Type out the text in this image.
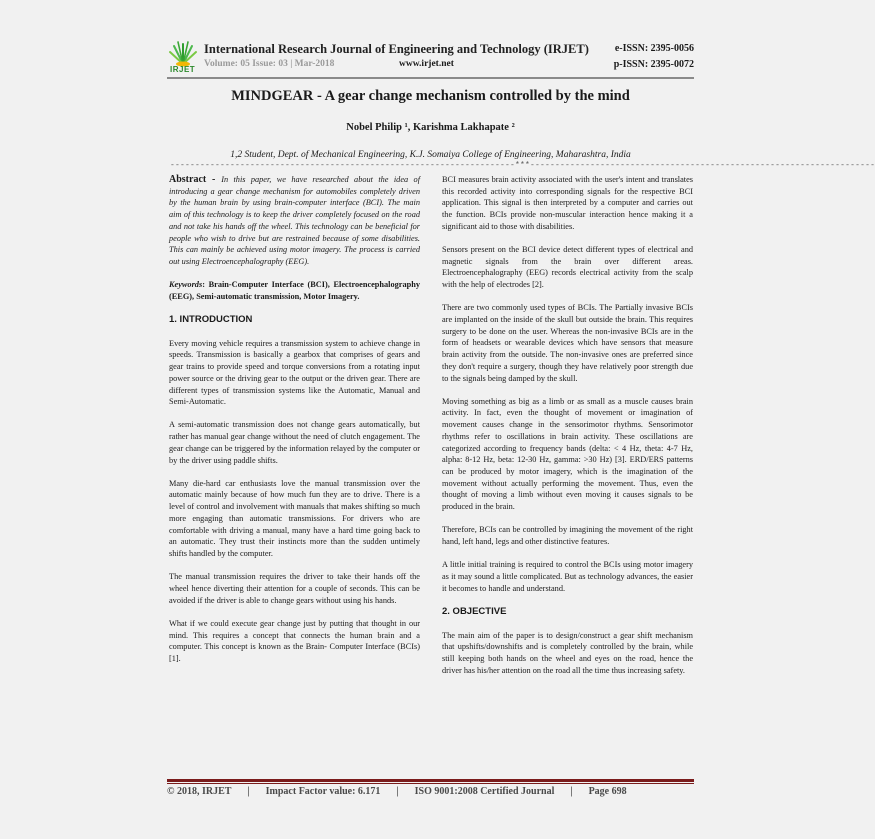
IRJET
International Research Journal of Engineering and Technology (IRJET)	e-ISSN: 2395-0056
Volume: 05 Issue: 03 | Mar-2018	www.irjet.net	p-ISSN: 2395-0072
MINDGEAR - A gear change mechanism controlled by the mind
Nobel Philip ¹, Karishma Lakhapate ²
1,2 Student, Dept. of Mechanical Engineering, K.J. Somaiya College of Engineering, Maharashtra, India
---------------------------------------------------------------------***---------------------------------------------------------------------

Abstract - In this paper, we have researched about the idea of introducing a gear change mechanism for automobiles completely driven by the human brain by using brain-computer interface (BCI). The main aim of this technology is to keep the driver completely focused on the road and not take his hands off the wheel. This technology can be beneficial for people who wish to drive but are restrained because of some disabilities. This can mainly be achieved using motor imagery. The process is carried out using Electroencephalography (EEG).

Keywords: Brain-Computer Interface (BCI), Electroencephalography (EEG), Semi-automatic transmission, Motor Imagery.

1. INTRODUCTION

Every moving vehicle requires a transmission system to achieve change in speeds. Transmission is basically a gearbox that comprises of gears and gear trains to provide speed and torque conversions from a rotating input power source or the driving gear to the output or the driven gear. There are different types of transmission systems like the Automatic, Manual and Semi-Automatic.

A semi-automatic transmission does not change gears automatically, but rather has manual gear change without the need of clutch engagement. The gear change can be triggered by the information relayed by the computer or by the driver using paddle shifts.

Many die-hard car enthusiasts love the manual transmission over the automatic mainly because of how much fun they are to drive. There is a level of control and involvement with manuals that makes shifting so much more engaging than automatic transmissions. For drivers who are comfortable with driving a manual, many have a hard time going back to an automatic. They trust their instincts more than the sudden untimely shifts handled by the computer.

The manual transmission requires the driver to take their hands off the wheel hence diverting their attention for a couple of seconds. This can be avoided if the driver is able to change gears without using his hands.

What if we could execute gear change just by putting that thought in our mind. This requires a concept that connects the human brain and a computer. This concept is known as the Brain- Computer Interface (BCIs) [1].

BCI measures brain activity associated with the user's intent and translates this recorded activity into corresponding signals for the respective BCI application. This signal is then interpreted by a computer and carries out the function. BCIs provide non-muscular interaction hence making it a significant aid to those with disabilities.

Sensors present on the BCI device detect different types of electrical and magnetic signals from the brain over different areas. Electroencephalography (EEG) records electrical activity from the scalp with the help of electrodes [2].

There are two commonly used types of BCIs. The Partially invasive BCIs are implanted on the inside of the skull but outside the brain. This requires surgery to be done on the user. Whereas the non-invasive BCIs are in the form of headsets or wearable devices which have sensors that measure brain activity from the outside. The non-invasive ones are preferred since they don't require a surgery, though they have relatively poor strength due to the signals being damped by the skull.

Moving something as big as a limb or as small as a muscle causes brain activity. In fact, even the thought of movement or imagination of movement causes change in the sensorimotor rhythms. Sensorimotor rhythms refer to oscillations in brain activity. These oscillations are categorized according to frequency bands (delta: < 4 Hz, theta: 4-7 Hz, alpha: 8-12 Hz, beta: 12-30 Hz, gamma: >30 Hz) [3]. ERD/ERS patterns can be produced by motor imagery, which is the imagination of the movement without actually performing the movement. Thus, even the thought of moving a limb without even moving it causes signals to be produced in the brain.

Therefore, BCIs can be controlled by imagining the movement of the right hand, left hand, legs and other distinctive features.

A little initial training is required to control the BCIs using motor imagery as it may sound a little complicated. But as technology advances, the easier it becomes to handle and understand.

2. OBJECTIVE

The main aim of the paper is to design/construct a gear shift mechanism that upshifts/downshifts and is completely controlled by the brain, while still keeping both hands on the wheel and eyes on the road, hence the driver has his/her attention on the road all the time thus increasing safety.

© 2018, IRJET | Impact Factor value: 6.171 | ISO 9001:2008 Certified Journal | Page 698
